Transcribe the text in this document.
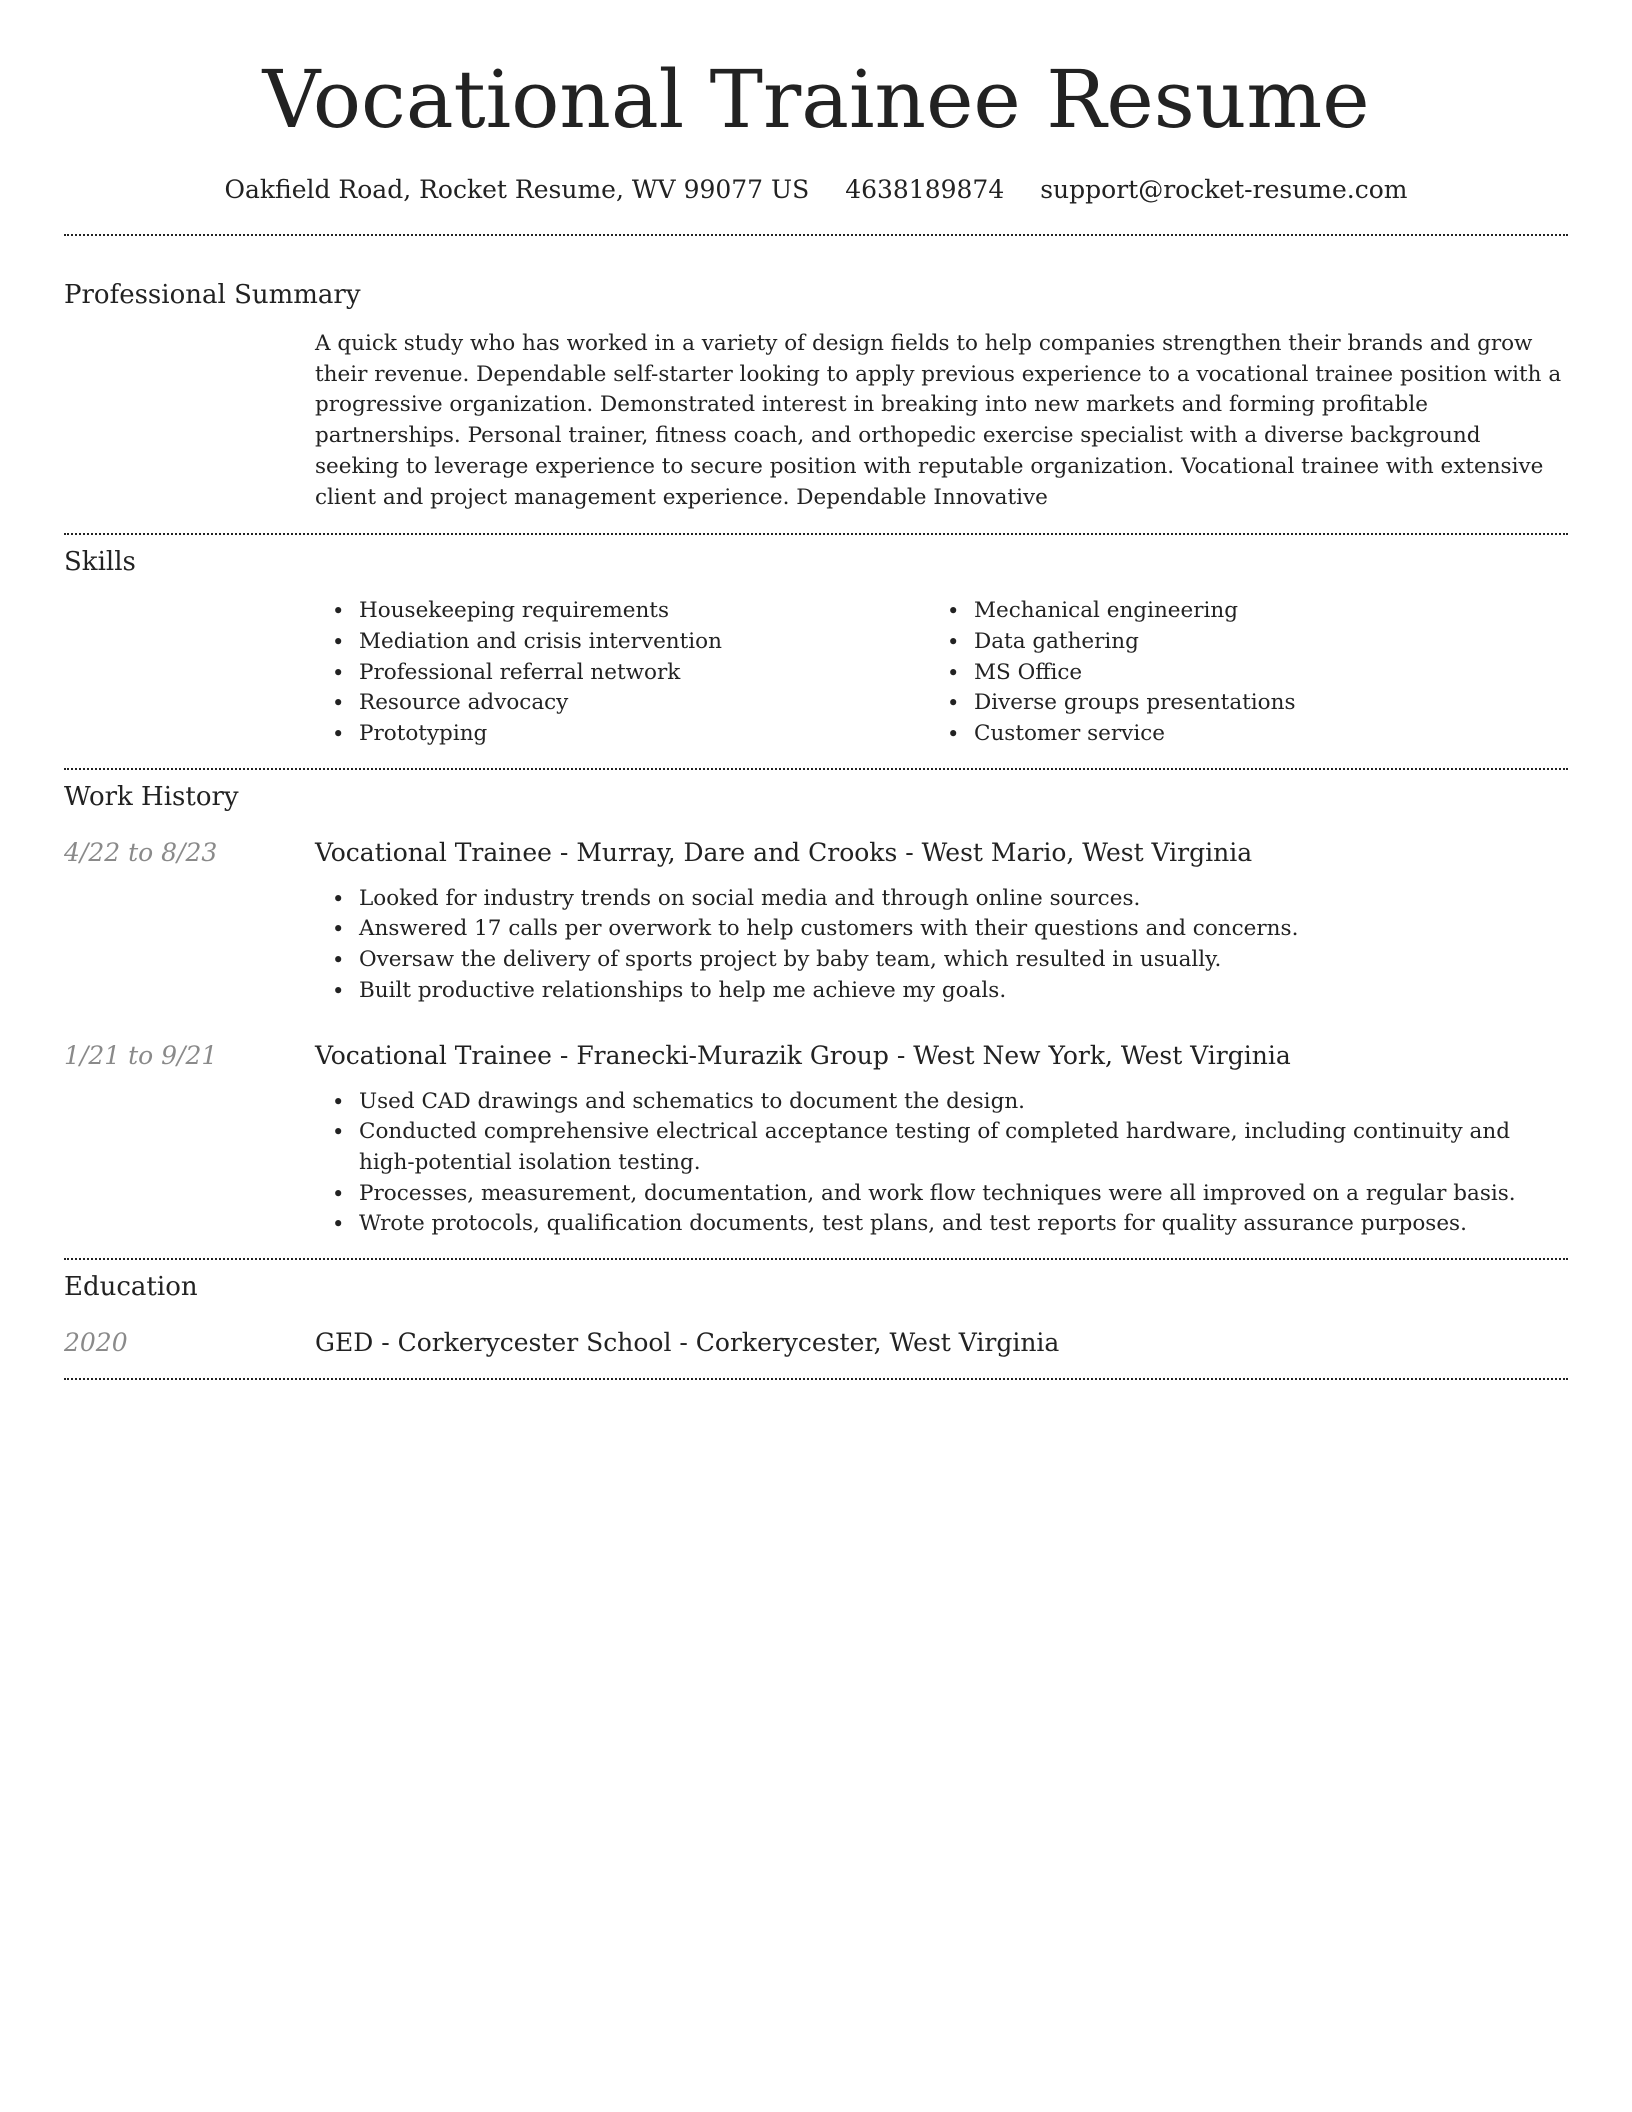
Vocational Trainee Resume
Oakfield Road, Rocket Resume, WV 99077 US 4638189874 support@rocket-resume.com
Professional Summary

A quick study who has worked in a variety of design fields to help companies strengthen their brands and grow their revenue. Dependable self-starter looking to apply previous experience to a vocational trainee position with a progressive organization. Demonstrated interest in breaking into new markets and forming profitable partnerships. Personal trainer, fitness coach, and orthopedic exercise specialist with a diverse background seeking to leverage experience to secure position with reputable organization. Vocational trainee with extensive client and project management experience. Dependable Innovative

Skills
• Housekeeping requirements
• Mediation and crisis intervention
• Professional referral network
• Resource advocacy
• Prototyping
• Mechanical engineering
• Data gathering
• MS Office
• Diverse groups presentations
• Customer service
Work History
4/22 to 8/23	Vocational Trainee - Murray, Dare and Crooks - West Mario, West Virginia

• Looked for industry trends on social media and through online sources.
• Answered 17 calls per overwork to help customers with their questions and concerns.
• Oversaw the delivery of sports project by baby team, which resulted in usually.
• Built productive relationships to help me achieve my goals.
1/21 to 9/21	Vocational Trainee - Franecki-Murazik Group - West New York, West Virginia

• Used CAD drawings and schematics to document the design.
• Conducted comprehensive electrical acceptance testing of completed hardware, including continuity and high-potential isolation testing.
• Processes, measurement, documentation, and work flow techniques were all improved on a regular basis.
• Wrote protocols, qualification documents, test plans, and test reports for quality assurance purposes.
Education
2020	GED - Corkerycester School - Corkerycester, West Virginia
